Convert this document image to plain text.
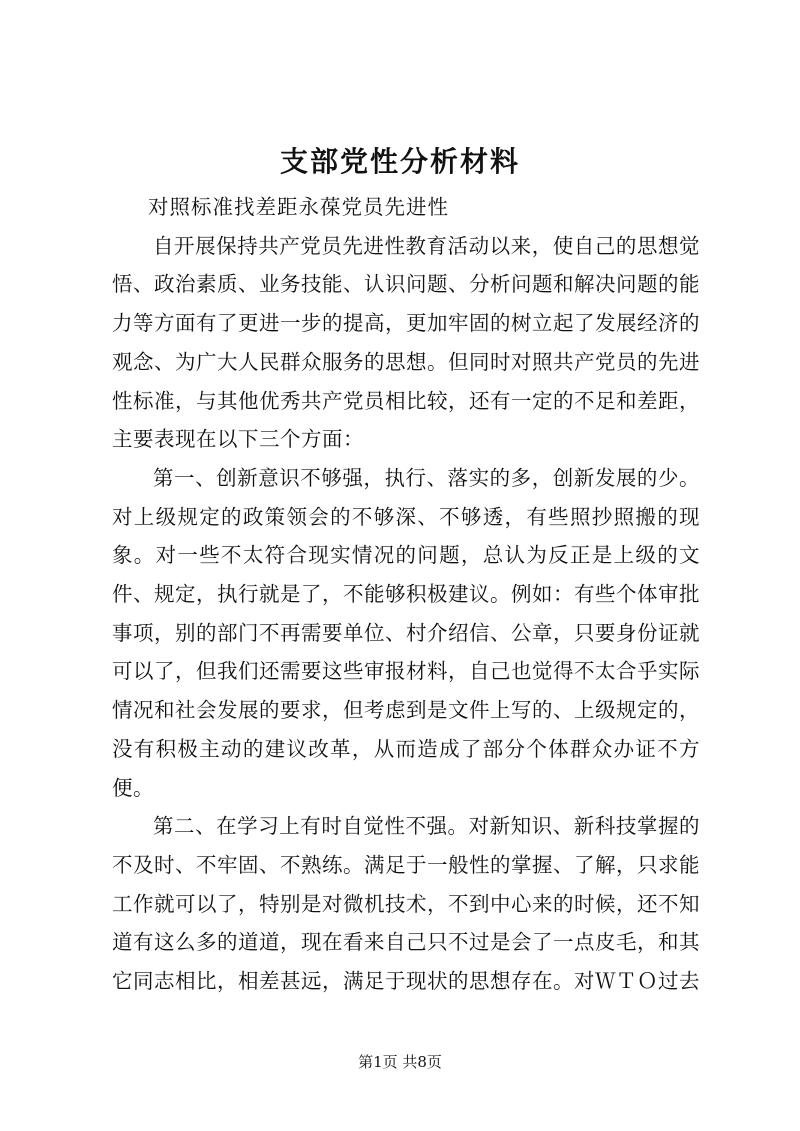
支部党性分析材料

对照标准找差距永葆党员先进性

自开展保持共产党员先进性教育活动以来，使自己的思想觉悟、政治素质、业务技能、认识问题、分析问题和解决问题的能力等方面有了更进一步的提高，更加牢固的树立起了发展经济的观念、为广大人民群众服务的思想。但同时对照共产党员的先进性标准，与其他优秀共产党员相比较，还有一定的不足和差距，主要表现在以下三个方面：

第一、创新意识不够强，执行、落实的多，创新发展的少。对上级规定的政策领会的不够深、不够透，有些照抄照搬的现象。对一些不太符合现实情况的问题，总认为反正是上级的文件、规定，执行就是了，不能够积极建议。例如：有些个体审批事项，别的部门不再需要单位、村介绍信、公章，只要身份证就可以了，但我们还需要这些审报材料，自己也觉得不太合乎实际情况和社会发展的要求，但考虑到是文件上写的、上级规定的，没有积极主动的建议改革，从而造成了部分个体群众办证不方便。

第二、在学习上有时自觉性不强。对新知识、新科技掌握的不及时、不牢固、不熟练。满足于一般性的掌握、了解，只求能工作就可以了，特别是对微机技术，不到中心来的时候，还不知道有这么多的道道，现在看来自己只不过是会了一点皮毛，和其它同志相比，相差甚远，满足于现状的思想存在。对ＷＴＯ过去

第1页 共8页
